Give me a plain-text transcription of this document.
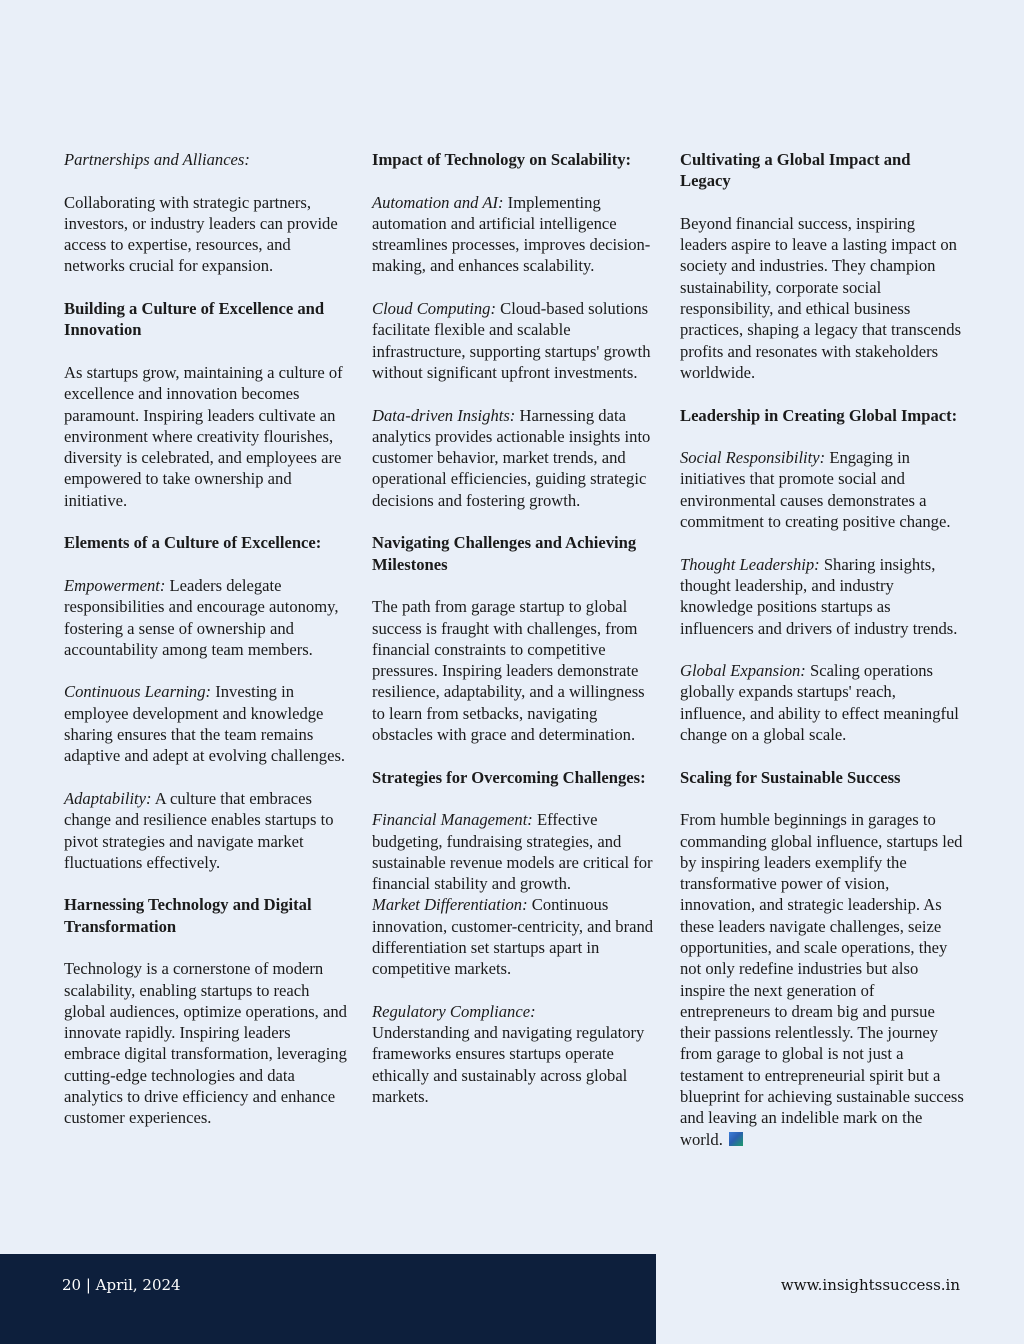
Partnerships and Alliances:

Collaborating with strategic partners, investors, or industry leaders can provide access to expertise, resources, and networks crucial for expansion.

Building a Culture of Excellence and Innovation

As startups grow, maintaining a culture of excellence and innovation becomes paramount. Inspiring leaders cultivate an environment where creativity flourishes, diversity is celebrated, and employees are empowered to take ownership and initiative.

Elements of a Culture of Excellence:

Empowerment: Leaders delegate responsibilities and encourage autonomy, fostering a sense of ownership and accountability among team members.

Continuous Learning: Investing in employee development and knowledge sharing ensures that the team remains adaptive and adept at evolving challenges.

Adaptability: A culture that embraces change and resilience enables startups to pivot strategies and navigate market fluctuations effectively.

Harnessing Technology and Digital Transformation

Technology is a cornerstone of modern scalability, enabling startups to reach global audiences, optimize operations, and innovate rapidly. Inspiring leaders embrace digital transformation, leveraging cutting-edge technologies and data analytics to drive efficiency and enhance customer experiences.

Impact of Technology on Scalability:

Automation and AI: Implementing automation and artificial intelligence streamlines processes, improves decision-making, and enhances scalability.

Cloud Computing: Cloud-based solutions facilitate flexible and scalable infrastructure, supporting startups' growth without significant upfront investments.

Data-driven Insights: Harnessing data analytics provides actionable insights into customer behavior, market trends, and operational efficiencies, guiding strategic decisions and fostering growth.

Navigating Challenges and Achieving Milestones

The path from garage startup to global success is fraught with challenges, from financial constraints to competitive pressures. Inspiring leaders demonstrate resilience, adaptability, and a willingness to learn from setbacks, navigating obstacles with grace and determination.

Strategies for Overcoming Challenges:

Financial Management: Effective budgeting, fundraising strategies, and sustainable revenue models are critical for financial stability and growth.

Market Differentiation: Continuous innovation, customer-centricity, and brand differentiation set startups apart in competitive markets.

Regulatory Compliance:
Understanding and navigating regulatory frameworks ensures startups operate ethically and sustainably across global markets.

Cultivating a Global Impact and Legacy

Beyond financial success, inspiring leaders aspire to leave a lasting impact on society and industries. They champion sustainability, corporate social responsibility, and ethical business practices, shaping a legacy that transcends profits and resonates with stakeholders worldwide.

Leadership in Creating Global Impact:

Social Responsibility: Engaging in initiatives that promote social and environmental causes demonstrates a commitment to creating positive change.

Thought Leadership: Sharing insights, thought leadership, and industry knowledge positions startups as influencers and drivers of industry trends.

Global Expansion: Scaling operations globally expands startups' reach, influence, and ability to effect meaningful change on a global scale.

Scaling for Sustainable Success

From humble beginnings in garages to commanding global influence, startups led by inspiring leaders exemplify the transformative power of vision, innovation, and strategic leadership. As these leaders navigate challenges, seize opportunities, and scale operations, they not only redefine industries but also inspire the next generation of entrepreneurs to dream big and pursue their passions relentlessly. The journey from garage to global is not just a testament to entrepreneurial spirit but a blueprint for achieving sustainable success and leaving an indelible mark on the world.

20 | April, 2024	www.insightssuccess.in
